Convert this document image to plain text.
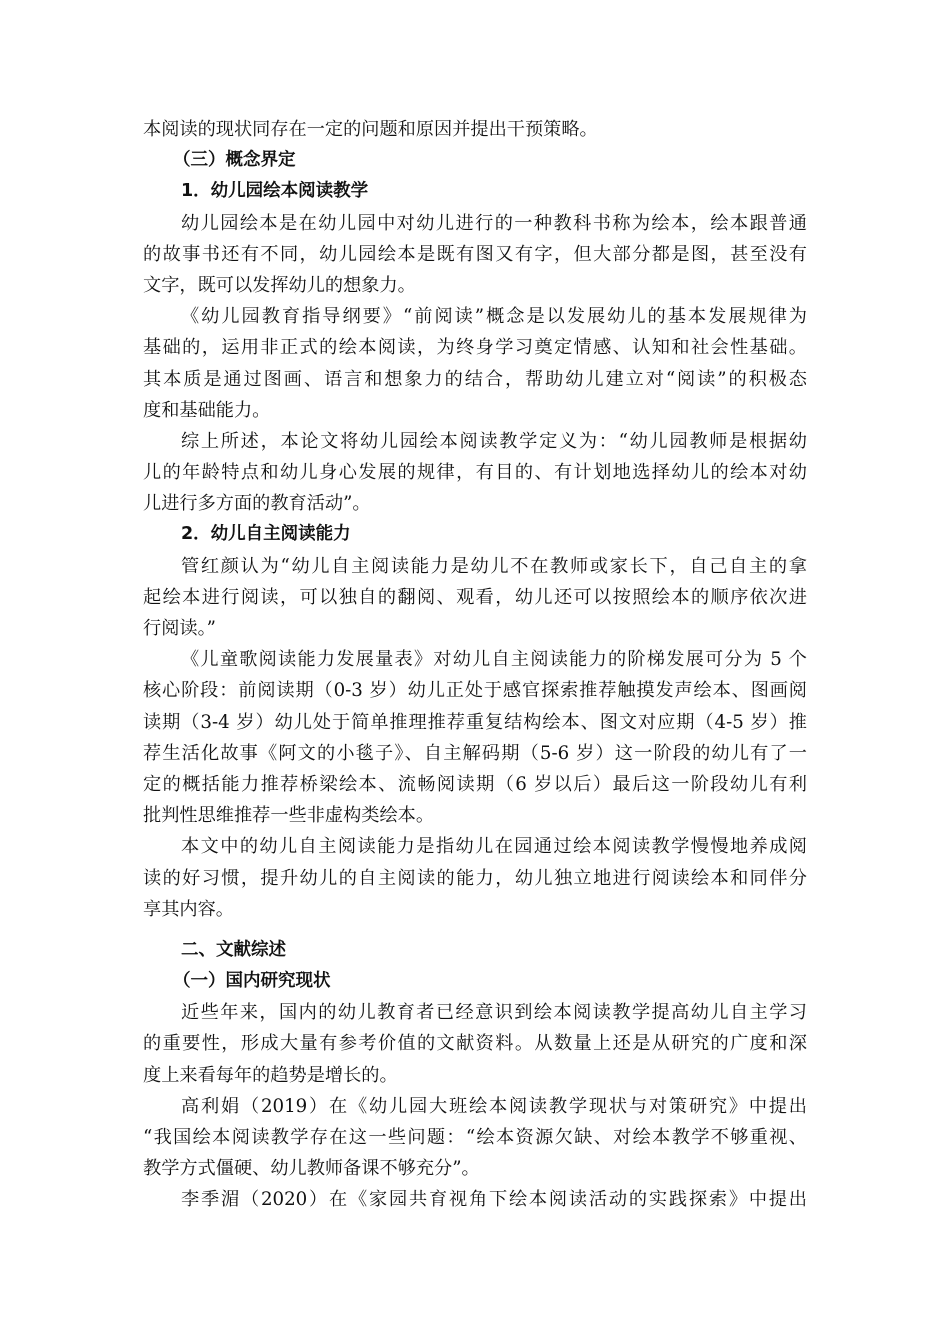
本阅读的现状同存在一定的问题和原因并提出干预策略。
（三）概念界定
1．幼儿园绘本阅读教学
幼儿园绘本是在幼儿园中对幼儿进行的一种教科书称为绘本，绘本跟普通
的故事书还有不同，幼儿园绘本是既有图又有字，但大部分都是图，甚至没有
文字，既可以发挥幼儿的想象力。
《幼儿园教育指导纲要》“前阅读”概念是以发展幼儿的基本发展规律为
基础的，运用非正式的绘本阅读，为终身学习奠定情感、认知和社会性基础。
其本质是通过图画、语言和想象力的结合，帮助幼儿建立对“阅读”的积极态
度和基础能力。
综上所述，本论文将幼儿园绘本阅读教学定义为：“幼儿园教师是根据幼
儿的年龄特点和幼儿身心发展的规律，有目的、有计划地选择幼儿的绘本对幼
儿进行多方面的教育活动”。
2．幼儿自主阅读能力
管红颜认为“幼儿自主阅读能力是幼儿不在教师或家长下，自己自主的拿
起绘本进行阅读，可以独自的翻阅、观看，幼儿还可以按照绘本的顺序依次进
行阅读。”
《儿童歌阅读能力发展量表》对幼儿自主阅读能力的阶梯发展可分为 5 个
核心阶段：前阅读期（0-3 岁）幼儿正处于感官探索推荐触摸发声绘本、图画阅
读期（3-4 岁）幼儿处于简单推理推荐重复结构绘本、图文对应期（4-5 岁）推
荐生活化故事《阿文的小毯子》、自主解码期（5-6 岁）这一阶段的幼儿有了一
定的概括能力推荐桥梁绘本、流畅阅读期（6 岁以后）最后这一阶段幼儿有利
批判性思维推荐一些非虚构类绘本。
本文中的幼儿自主阅读能力是指幼儿在园通过绘本阅读教学慢慢地养成阅
读的好习惯，提升幼儿的自主阅读的能力，幼儿独立地进行阅读绘本和同伴分
享其内容。
二、文献综述
（一）国内研究现状
近些年来，国内的幼儿教育者已经意识到绘本阅读教学提高幼儿自主学习
的重要性，形成大量有参考价值的文献资料。从数量上还是从研究的广度和深
度上来看每年的趋势是增长的。
高利娟（2019）在《幼儿园大班绘本阅读教学现状与对策研究》中提出
“我国绘本阅读教学存在这一些问题：“绘本资源欠缺、对绘本教学不够重视、
教学方式僵硬、幼儿教师备课不够充分”。
李季湄（2020）在《家园共育视角下绘本阅读活动的实践探索》中提出
